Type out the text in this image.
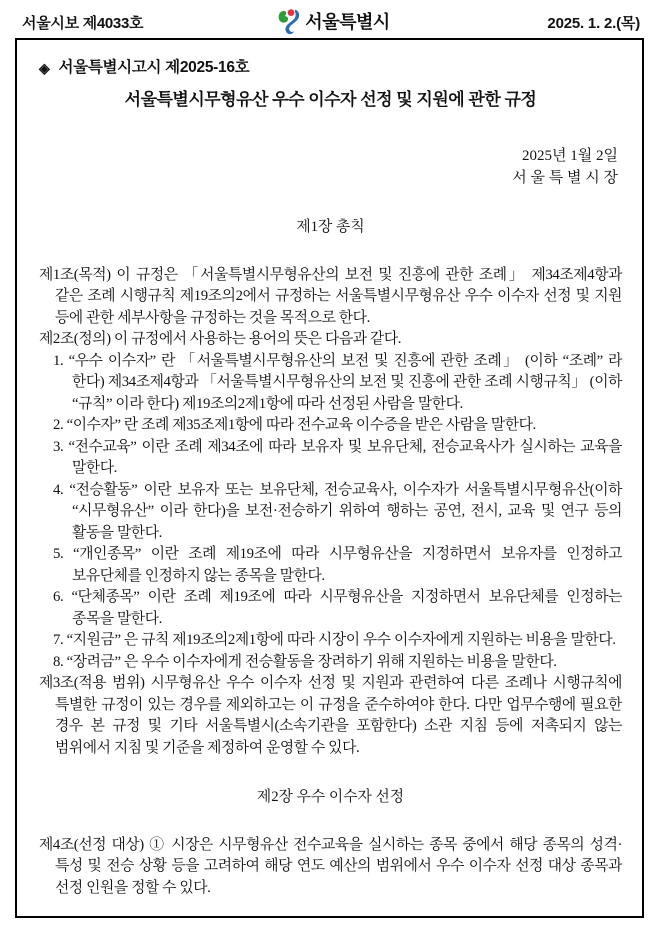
서울시보 제4033호	서울특별시	2025. 1. 2.(목)
◈ 서울특별시고시 제2025-16호

서울특별시무형유산 우수 이수자 선정 및 지원에 관한 규정

2025년 1월 2일
서 울 특 별 시 장

제1장 총칙

제1조(목적) 이 규정은 「서울특별시무형유산의 보전 및 진흥에 관한 조례」 제34조제4항과 같은 조례 시행규칙 제19조의2에서 규정하는 서울특별시무형유산 우수 이수자 선정 및 지원 등에 관한 세부사항을 규정하는 것을 목적으로 한다.

제2조(정의) 이 규정에서 사용하는 용어의 뜻은 다음과 같다.

1. “우수 이수자” 란 「서울특별시무형유산의 보전 및 진흥에 관한 조례」 (이하 “조례” 라 한다) 제34조제4항과 「서울특별시무형유산의 보전 및 진흥에 관한 조례 시행규칙」 (이하 “규칙” 이라 한다) 제19조의2제1항에 따라 선정된 사람을 말한다.

2. “이수자” 란 조례 제35조제1항에 따라 전수교육 이수증을 받은 사람을 말한다.

3. “전수교육” 이란 조례 제34조에 따라 보유자 및 보유단체, 전승교육사가 실시하는 교육을 말한다.

4. “전승활동” 이란 보유자 또는 보유단체, 전승교육사, 이수자가 서울특별시무형유산(이하 “시무형유산” 이라 한다)을 보전·전승하기 위하여 행하는 공연, 전시, 교육 및 연구 등의 활동을 말한다.

5. “개인종목” 이란 조례 제19조에 따라 시무형유산을 지정하면서 보유자를 인정하고 보유단체를 인정하지 않는 종목을 말한다.

6. “단체종목” 이란 조례 제19조에 따라 시무형유산을 지정하면서 보유단체를 인정하는 종목을 말한다.

7. “지원금” 은 규칙 제19조의2제1항에 따라 시장이 우수 이수자에게 지원하는 비용을 말한다.

8. “장려금” 은 우수 이수자에게 전승활동을 장려하기 위해 지원하는 비용을 말한다.

제3조(적용 범위) 시무형유산 우수 이수자 선정 및 지원과 관련하여 다른 조례나 시행규칙에 특별한 규정이 있는 경우를 제외하고는 이 규정을 준수하여야 한다. 다만 업무수행에 필요한 경우 본 규정 및 기타 서울특별시(소속기관을 포함한다) 소관 지침 등에 저촉되지 않는 범위에서 지침 및 기준을 제정하여 운영할 수 있다.

제2장 우수 이수자 선정

제4조(선정 대상) ① 시장은 시무형유산 전수교육을 실시하는 종목 중에서 해당 종목의 성격·특성 및 전승 상황 등을 고려하여 해당 연도 예산의 범위에서 우수 이수자 선정 대상 종목과 선정 인원을 정할 수 있다.
